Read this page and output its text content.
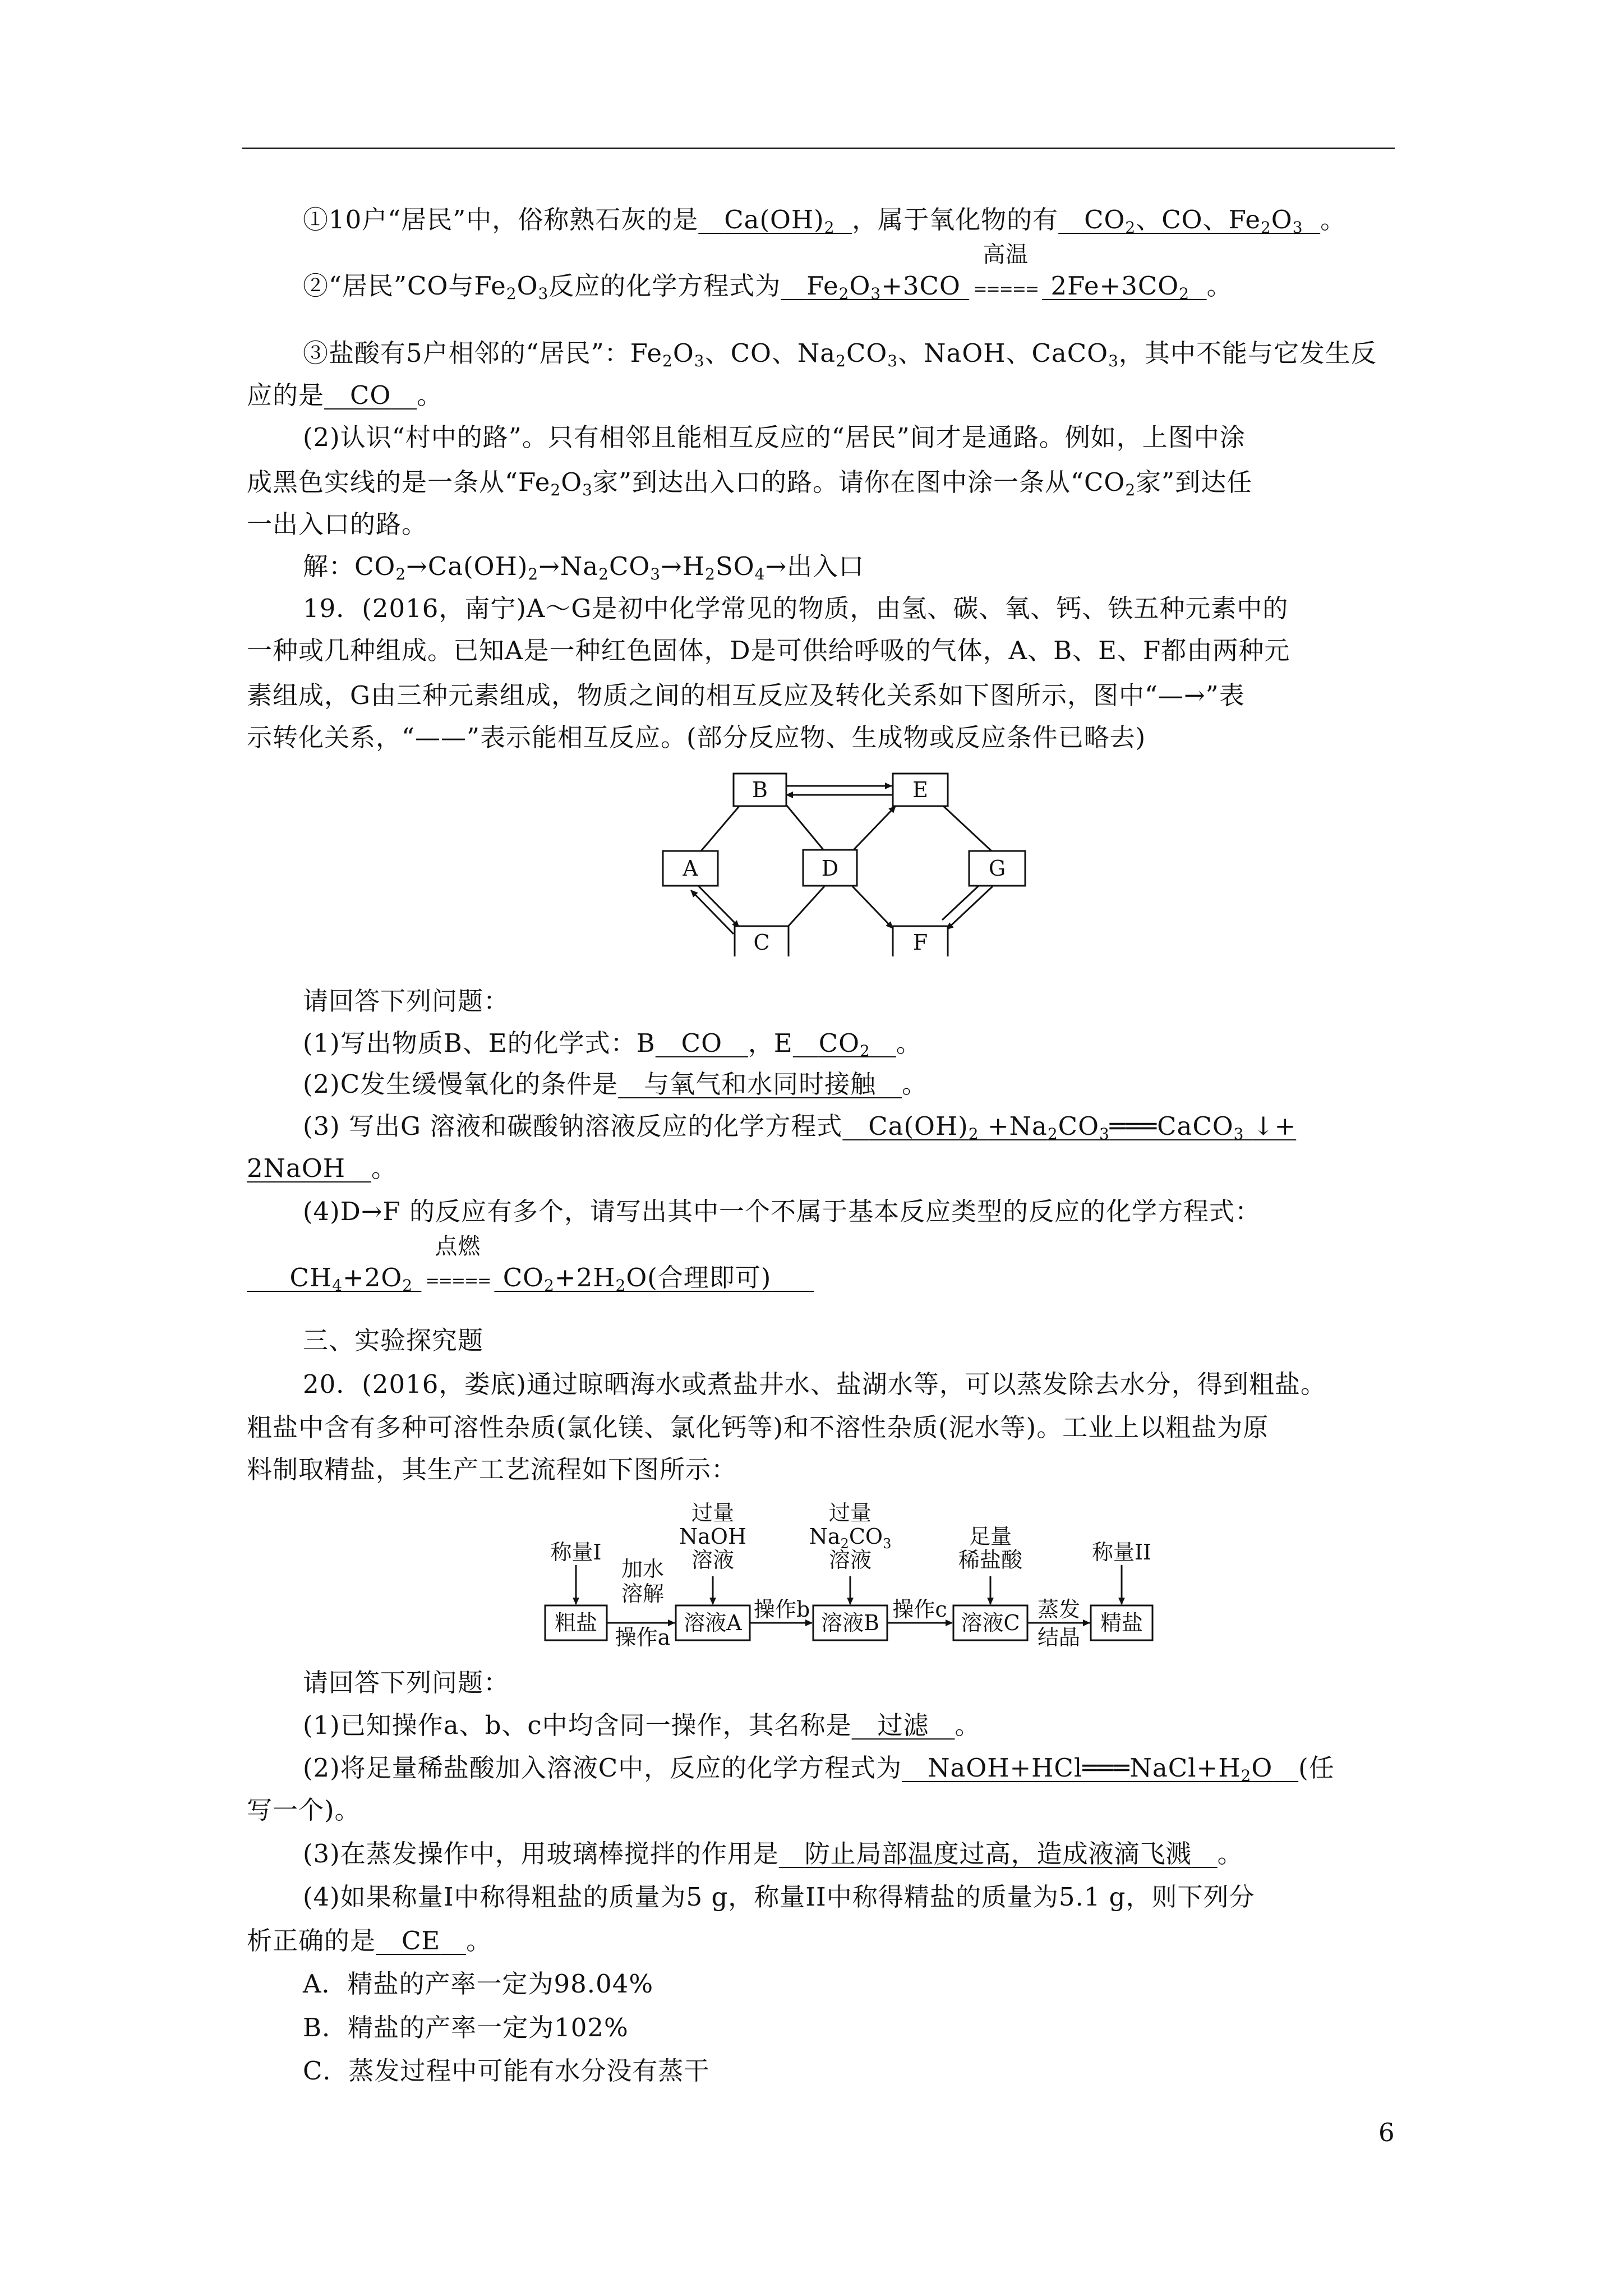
①10户“居民”中，俗称熟石灰的是 $Ca(OH)_2$ ，属于氧化物的有 $CO_2$、CO、$Fe_2O_3$ 。
②“居民”CO与$Fe_2O_3$反应的化学方程式为 $Fe_2O_3+3CO$
高温
===== $2Fe+3CO_2$ 。
③盐酸有5户相邻的“居民”：$Fe_2O_3$、CO、$Na_2CO_3$、NaOH、CaCO$_3$，其中不能与它发生反
应的是 CO 。
(2)认识“村中的路”。只有相邻且能相互反应的“居民”间才是通路。例如，上图中涂
成黑色实线的是一条从“$Fe_2O_3$家”到达出入口的路。请你在图中涂一条从“$CO_2$家”到达任
一出入口的路。
解：$CO_2\to Ca(OH)_2\to Na_2CO_3\to H_2SO_4\to$出入口
19．(2016，南宁)A～G是初中化学常见的物质，由氢、碳、氧、钙、铁五种元素中的
一种或几种组成。已知A是一种红色固体，D是可供给呼吸的气体，A、B、E、F都由两种元
素组成，G由三种元素组成，物质之间的相互反应及转化关系如下图所示，图中“—→”表
示转化关系，“——”表示能相互反应。(部分反应物、生成物或反应条件已略去)
B	E
A	D	G
C	F
请回答下列问题：
(1)写出物质B、E的化学式：B CO ，E $CO_2$ 。
(2)C发生缓慢氧化的条件是 与氧气和水同时接触 。
(3) 写出G 溶液和碳酸钠溶液反应的化学方程式 $Ca(OH)_2$ $+Na_2CO_3═══CaCO_3$ ↓+
2NaOH 。
(4)D→F 的反应有多个，请写出其中一个不属于基本反应类型的反应的化学方程式：
$CH_4+2O_2$
点燃
===== $CO_2+2H_2O$(合理即可)
三、实验探究题
20．(2016，娄底)通过晾晒海水或煮盐井水、盐湖水等，可以蒸发除去水分，得到粗盐。
粗盐中含有多种可溶性杂质(氯化镁、氯化钙等)和不溶性杂质(泥水等)。工业上以粗盐为原
料制取精盐，其生产工艺流程如下图所示：
称量I
加水
溶解
操作a
过量
NaOH
溶液
过量
$Na_2CO_3$
溶液
足量
稀盐酸	称量II
粗盐	溶液A	溶液B	溶液C	精盐
操作b	操作c	蒸发
结晶
请回答下列问题：
(1)已知操作a、b、c中均含同一操作，其名称是 过滤 。
(2)将足量稀盐酸加入溶液C中，反应的化学方程式为 $NaOH+HCl═══NaCl+H_2O$ (任
写一个)。
(3)在蒸发操作中，用玻璃棒搅拌的作用是 防止局部温度过高，造成液滴飞溅 。
(4)如果称量I中称得粗盐的质量为5 g，称量II中称得精盐的质量为5.1 g，则下列分
析正确的是 CE 。
A．精盐的产率一定为98.04%
B．精盐的产率一定为102%
C．蒸发过程中可能有水分没有蒸干
6
